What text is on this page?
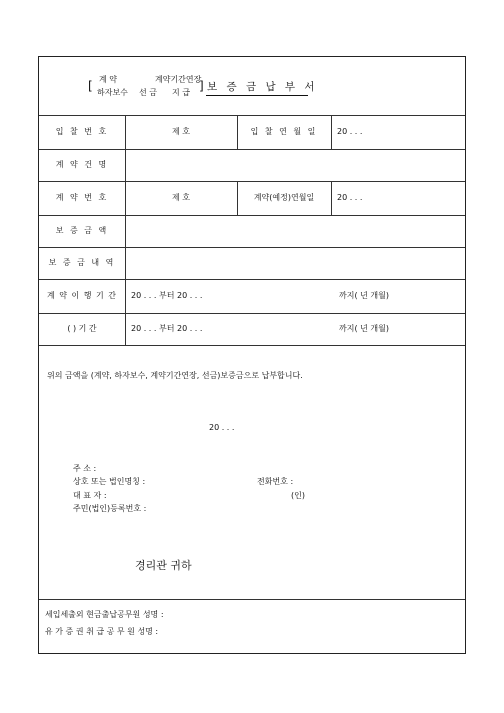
[ 계 약	계약기간연장
하자보수 선 금 지 급 ] 보 증 금 납 부 서
입 찰 번 호	제 호	입 찰 연 월 일	20 . . .
계 약 건 명
계 약 번 호	제 호	계약(예정)연월일	20 . . .
보 증 금 액
보 증 금 내 역
계 약 이 행 기 간	20 . . . 부터 20 . . .	까지( 년 개월)
( ) 기 간	20 . . . 부터 20 . . .	까지( 년 개월)
위의 금액을 (계약, 하자보수, 계약기간연장, 선금)보증금으로 납부합니다.
20 . . .
주 소 :
상호 또는 법인명칭 :	전화번호 :
대 표 자 :	(인)
주민(법인)등록번호 :
경리관 귀하
세입세출외 현금출납공무원 성명 :
유 가 증 권 취 급 공 무 원 성명 :
